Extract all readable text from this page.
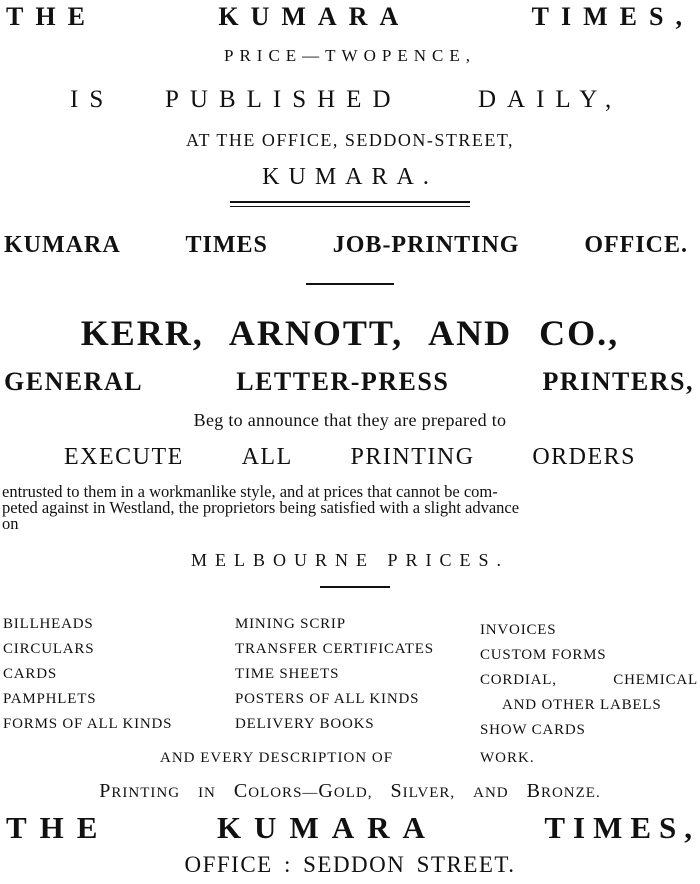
THE	KUMARA	TIMES,
PRICE—TWOPENCE,
IS PUBLISHED	DAILY,
AT THE OFFICE, SEDDON-STREET,
KUMARA.
KUMARA	TIMES	JOB-PRINTING	OFFICE.
KERR, ARNOTT, AND CO.,
GENERAL	LETTER-PRESS	PRINTERS,
Beg to announce that they are prepared to
EXECUTE ALL PRINTING ORDERS
entrusted to them in a workmanlike style, and at prices that cannot be com-
peted against in Westland, the proprietors being satisfied with a slight advance
on
MELBOURNE PRICES.
BILLHEADS
CIRCULARS
CARDS
PAMPHLETS
FORMS OF ALL KINDS
MINING SCRIP
TRANSFER CERTIFICATES
TIME SHEETS
POSTERS OF ALL KINDS
DELIVERY BOOKS
INVOICES
CUSTOM FORMS
CORDIAL,	CHEMICAL
AND OTHER LABELS
SHOW CARDS
AND EVERY DESCRIPTION OF	WORK.
PRINTING IN COLORS—GOLD, SILVER, AND BRONZE.
THE	KUMARA	TIMES,
OFFICE : SEDDON STREET.
